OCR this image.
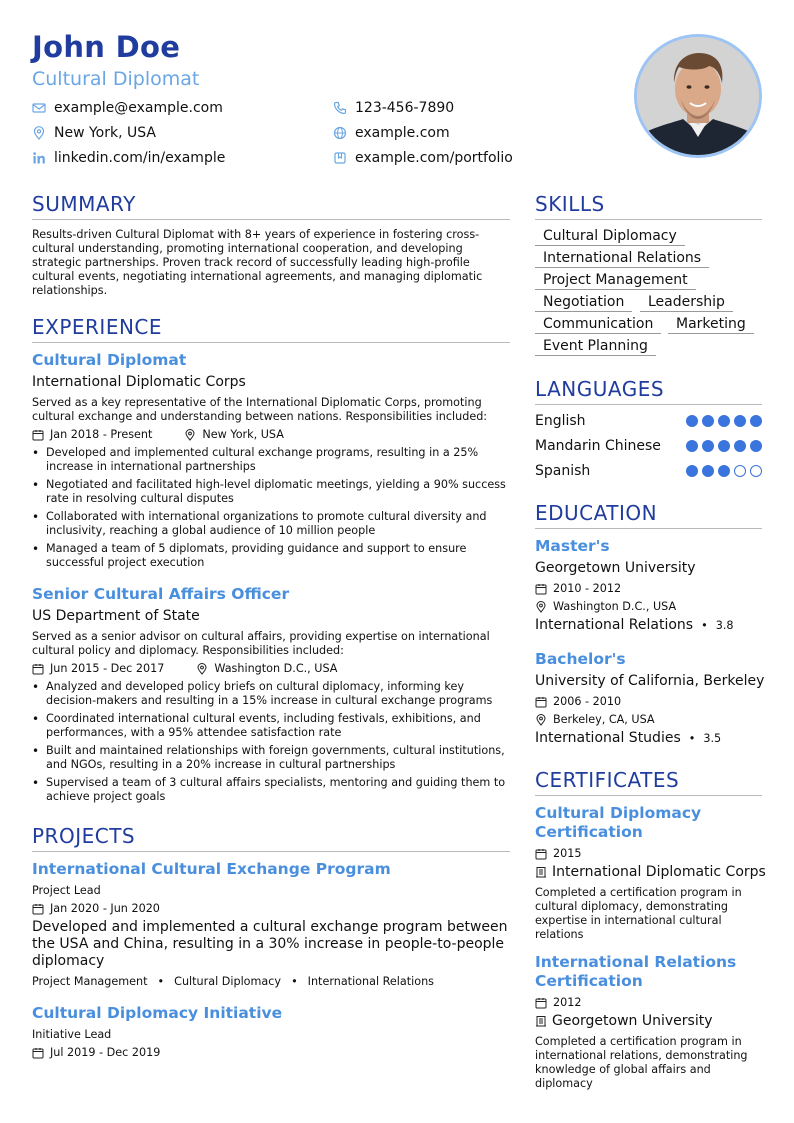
John Doe
Cultural Diplomat
example@example.com
New York, USA
linkedin.com/in/example
123-456-7890
example.com
example.com/portfolio
SUMMARY
Results-driven Cultural Diplomat with 8+ years of experience in fostering cross-cultural understanding, promoting international cooperation, and developing strategic partnerships. Proven track record of successfully leading high-profile cultural events, negotiating international agreements, and managing diplomatic relationships.
EXPERIENCE
Cultural Diplomat
International Diplomatic Corps
Served as a key representative of the International Diplomatic Corps, promoting cultural exchange and understanding between nations. Responsibilities included:
Jan 2018 - Present	New York, USA
• Developed and implemented cultural exchange programs, resulting in a 25% increase in international partnerships
• Negotiated and facilitated high-level diplomatic meetings, yielding a 90% success rate in resolving cultural disputes
• Collaborated with international organizations to promote cultural diversity and inclusivity, reaching a global audience of 10 million people
• Managed a team of 5 diplomats, providing guidance and support to ensure successful project execution
Senior Cultural Affairs Officer
US Department of State
Served as a senior advisor on cultural affairs, providing expertise on international cultural policy and diplomacy. Responsibilities included:
Jun 2015 - Dec 2017	Washington D.C., USA
• Analyzed and developed policy briefs on cultural diplomacy, informing key decision-makers and resulting in a 15% increase in cultural exchange programs
• Coordinated international cultural events, including festivals, exhibitions, and performances, with a 95% attendee satisfaction rate
• Built and maintained relationships with foreign governments, cultural institutions, and NGOs, resulting in a 20% increase in cultural partnerships
• Supervised a team of 3 cultural affairs specialists, mentoring and guiding them to achieve project goals
PROJECTS
International Cultural Exchange Program
Project Lead
Jan 2020 - Jun 2020
Developed and implemented a cultural exchange program between the USA and China, resulting in a 30% increase in people-to-people diplomacy
Project Management • Cultural Diplomacy • International Relations
Cultural Diplomacy Initiative
Initiative Lead
Jul 2019 - Dec 2019
SKILLS
Cultural Diplomacy
International Relations
Project Management
Negotiation	Leadership
Communication	Marketing
Event Planning
LANGUAGES
English
Mandarin Chinese
Spanish
EDUCATION
Master's
Georgetown University
2010 - 2012
Washington D.C., USA
International Relations • 3.8
Bachelor's
University of California, Berkeley
2006 - 2010
Berkeley, CA, USA
International Studies • 3.5
CERTIFICATES
Cultural Diplomacy Certification
2015
International Diplomatic Corps
Completed a certification program in cultural diplomacy, demonstrating expertise in international cultural relations
International Relations Certification
2012
Georgetown University
Completed a certification program in international relations, demonstrating knowledge of global affairs and diplomacy
